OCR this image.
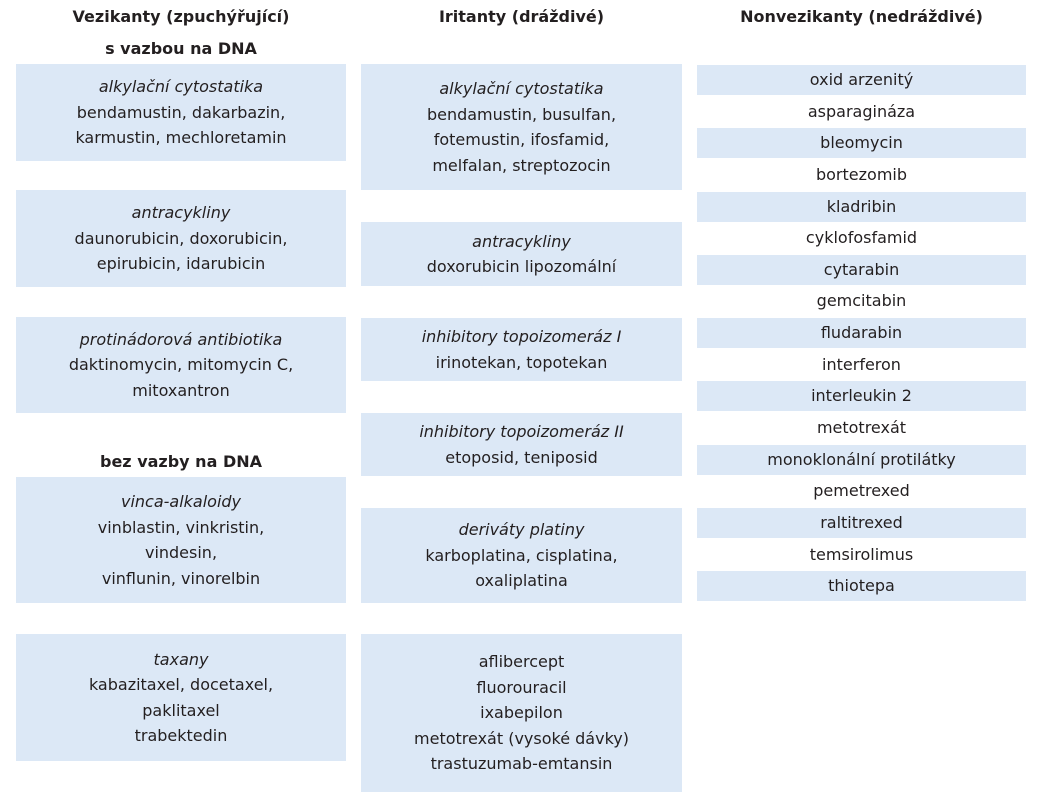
Vezikanty (zpuchýřující)
s vazbou na DNA
alkylační cytostatika
bendamustin, dakarbazin,
karmustin, mechloretamin
antracykliny
daunorubicin, doxorubicin,
epirubicin, idarubicin
protinádorová antibiotika
daktinomycin, mitomycin C,
mitoxantron
bez vazby na DNA
vinca-alkaloidy
vinblastin, vinkristin,
vindesin,
vinflunin, vinorelbin
taxany
kabazitaxel, docetaxel,
paklitaxel
trabektedin
Iritanty (dráždivé)
alkylační cytostatika
bendamustin, busulfan,
fotemustin, ifosfamid,
melfalan, streptozocin
antracykliny
doxorubicin lipozomální
inhibitory topoizomeráz I
irinotekan, topotekan
inhibitory topoizomeráz II
etoposid, teniposid
deriváty platiny
karboplatina, cisplatina,
oxaliplatina
aflibercept
fluorouracil
ixabepilon
metotrexát (vysoké dávky)
trastuzumab-emtansin
Nonvezikanty (nedráždivé)
oxid arzenitý
asparagináza
bleomycin
bortezomib
kladribin
cyklofosfamid
cytarabin
gemcitabin
fludarabin
interferon
interleukin 2
metotrexát
monoklonální protilátky
pemetrexed
raltitrexed
temsirolimus
thiotepa
